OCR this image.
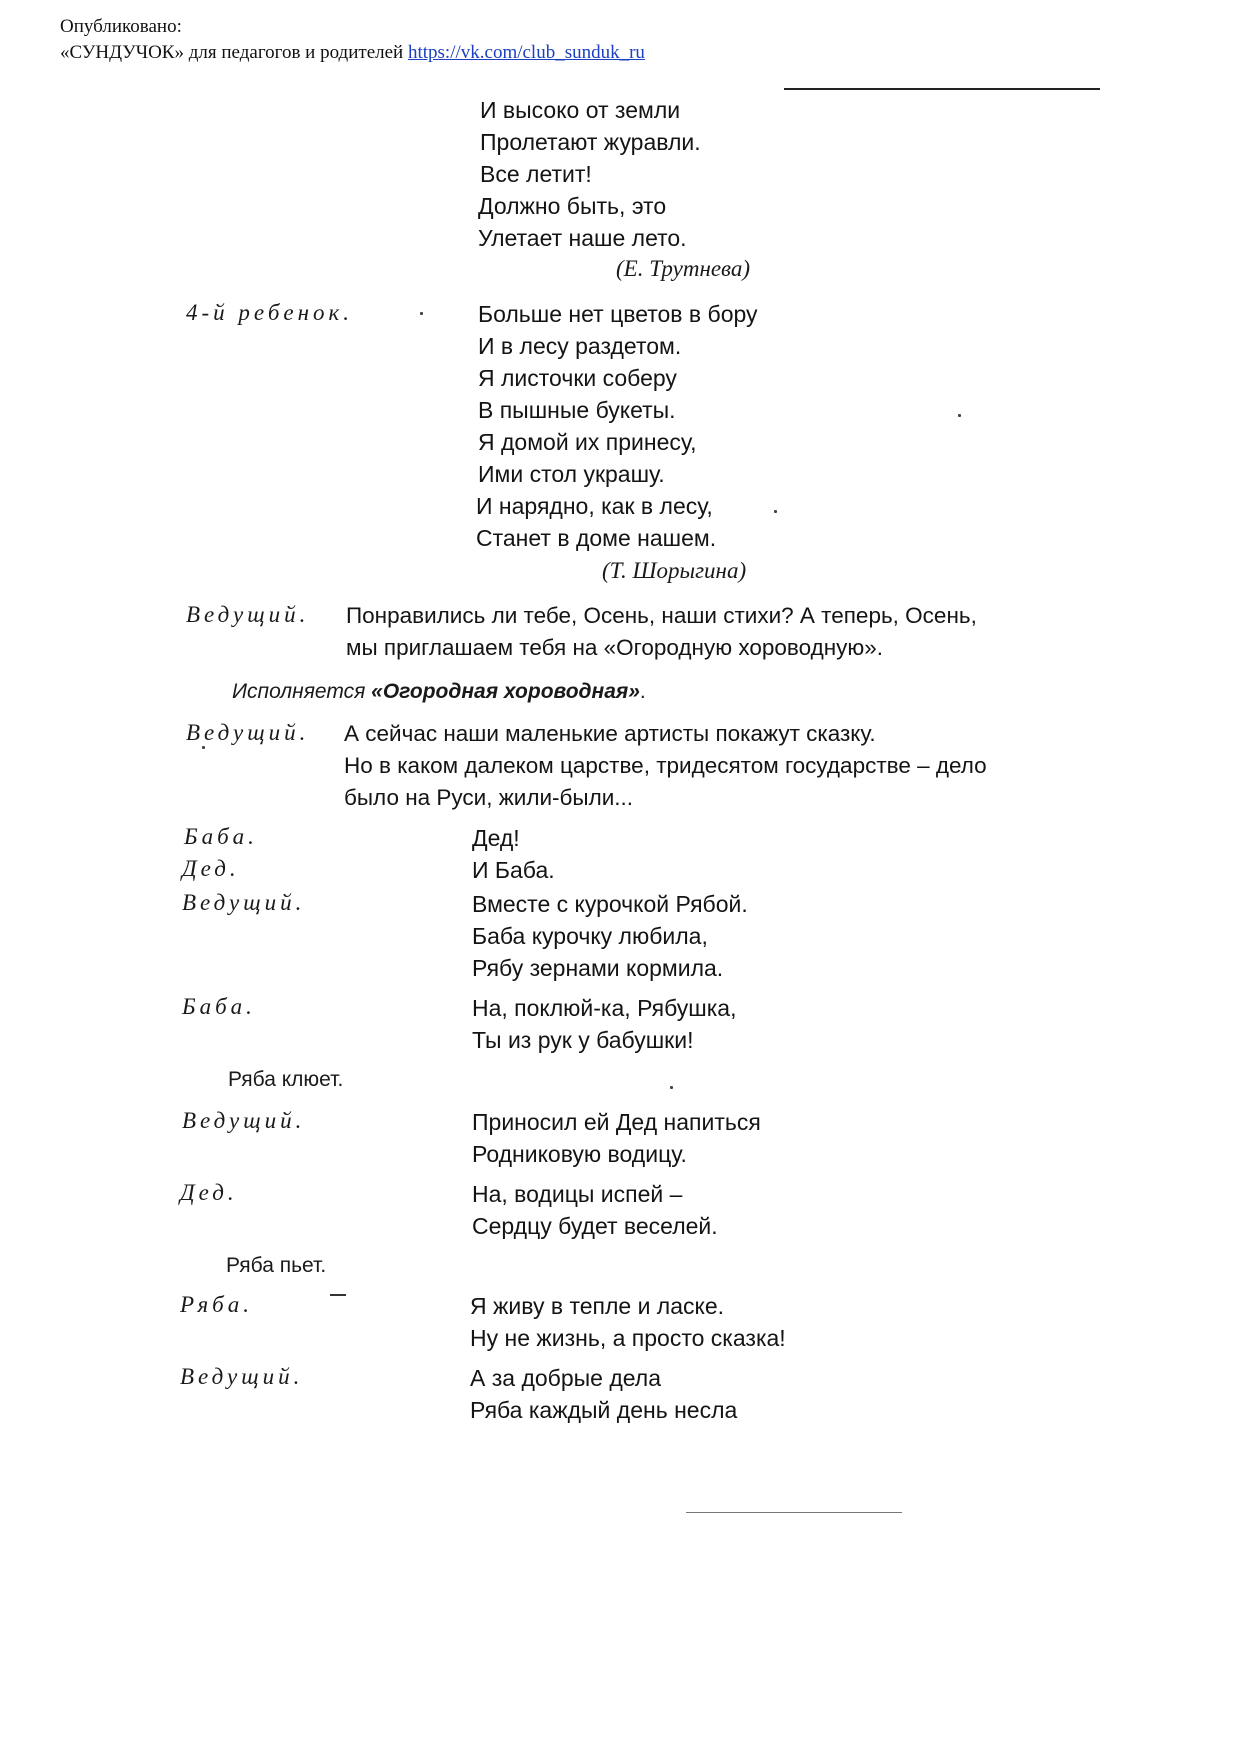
Опубликовано:
«СУНДУЧОК» для педагогов и родителей https://vk.com/club_sunduk_ru
И высоко от земли
Пролетают журавли.
Все летит!
Должно быть, это
Улетает наше лето.
(Е. Трутнева)
4-й ребенок.	Больше нет цветов в бору
И в лесу раздетом.
Я листочки соберу
В пышные букеты.
Я домой их принесу,
Ими стол украшу.
И нарядно, как в лесу,
Станет в доме нашем.
(Т. Шорыгина)
Ведущий. Понравились ли тебе, Осень, наши стихи? А теперь, Осень,
мы приглашаем тебя на «Огородную хороводную».
Исполняется «Огородная хороводная».
Ведущий. А сейчас наши маленькие артисты покажут сказку.
Но в каком далеком царстве, тридесятом государстве – дело
было на Руси, жили-были...
Баба.	Дед!
Дед.	И Баба.
Ведущий.	Вместе с курочкой Рябой.
Баба курочку любила,
Рябу зернами кормила.
Баба.	На, поклюй-ка, Рябушка,
Ты из рук у бабушки!
Ряба клюет.
Ведущий.	Приносил ей Дед напиться
Родниковую водицу.
Дед.	На, водицы испей –
Сердцу будет веселей.
Ряба пьет.
Ряба.	Я живу в тепле и ласке.
Ну не жизнь, а просто сказка!
Ведущий.	А за добрые дела
Ряба каждый день несла
